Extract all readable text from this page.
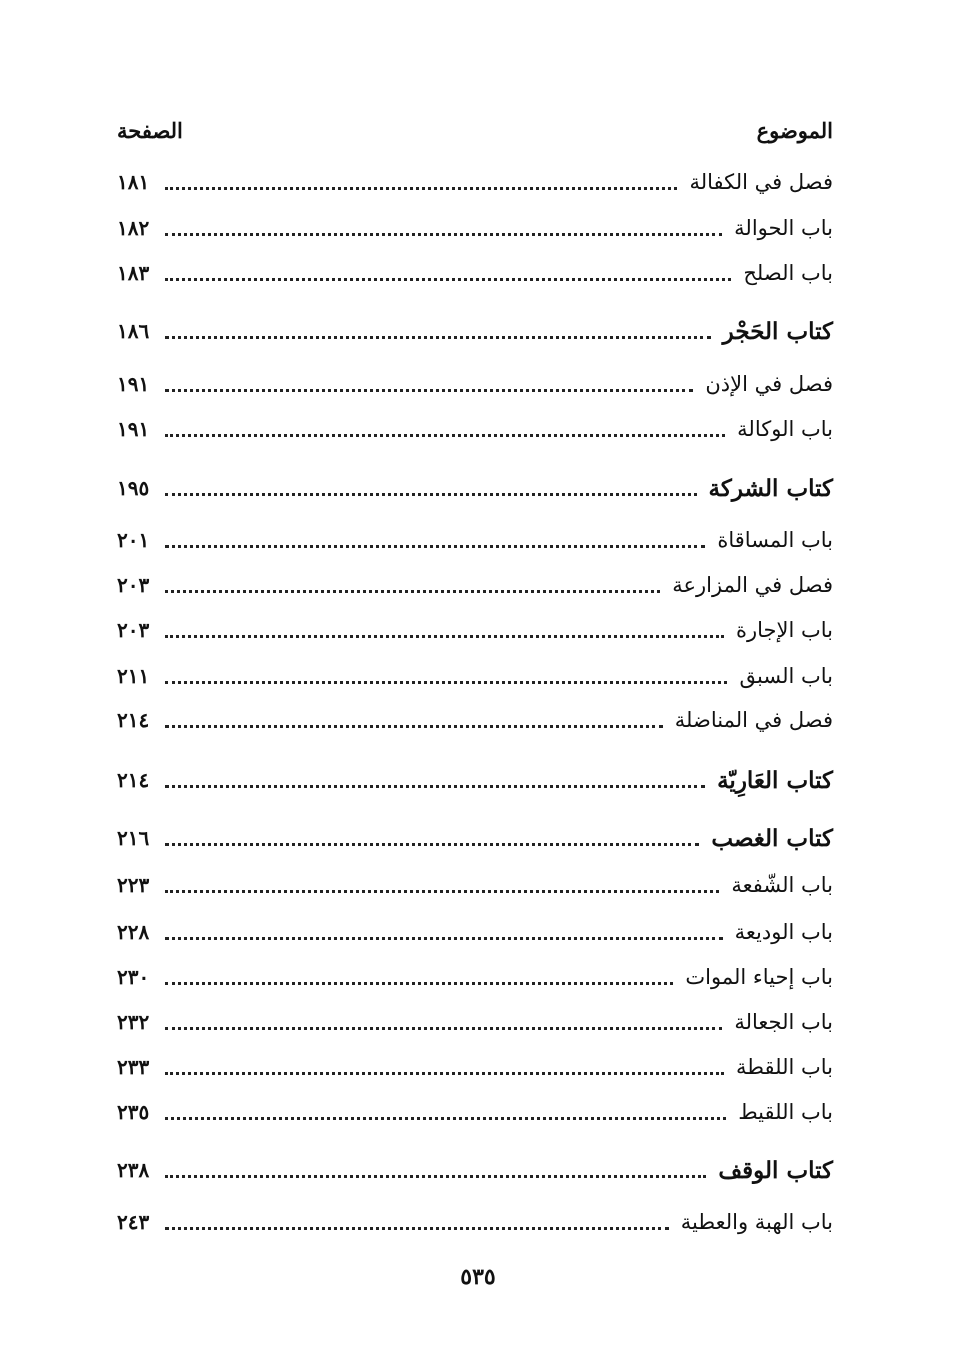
الموضوع
الصفحة
فصل في الكفالة
١٨١
باب الحوالة
١٨٢
باب الصلح
١٨٣
كتاب الحَجْر
١٨٦
فصل في الإذن
١٩١
باب الوكالة
١٩١
كتاب الشركة
١٩٥
باب المساقاة
٢٠١
فصل في المزارعة
٢٠٣
باب الإجارة
٢٠٣
باب السبق
٢١١
فصل في المناضلة
٢١٤
كتاب العَارِيّة
٢١٤
كتاب الغصب
٢١٦
باب الشّفعة
٢٢٣
باب الوديعة
٢٢٨
باب إحياء الموات
٢٣٠
باب الجعالة
٢٣٢
باب اللقطة
٢٣٣
باب اللقيط
٢٣٥
كتاب الوقف
٢٣٨
باب الهبة والعطية
٢٤٣
٥٣٥
